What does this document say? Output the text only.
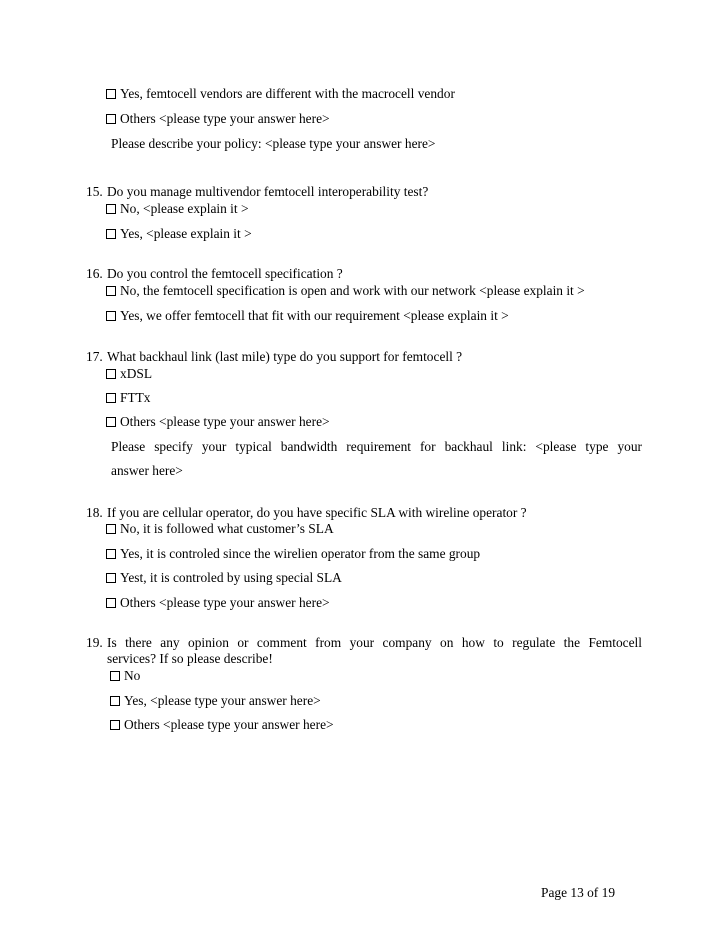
Yes, femtocell vendors are different with the macrocell vendor
Others <please type your answer here>
Please describe your policy: <please type your answer here>
15. Do you manage multivendor femtocell interoperability test?
No, <please explain it >
Yes, <please explain it >
16. Do you control the femtocell specification ?
No, the femtocell specification is open and work with our network <please explain it >
Yes, we offer femtocell that fit with our requirement <please explain it >
17. What backhaul link (last mile) type do you support for femtocell ?
xDSL
FTTx
Others <please type your answer here>
Please specify your typical bandwidth requirement for backhaul link: <please type your
answer here>
18. If you are cellular operator, do you have specific SLA with wireline operator ?
No, it is followed what customer’s SLA
Yes, it is controled since the wirelien operator from the same group
Yest, it is controled by using special SLA
Others <please type your answer here>
19. Is there any opinion or comment from your company on how to regulate the Femtocell
services? If so please describe!
No
Yes, <please type your answer here>
Others <please type your answer here>
Page 13 of 19
